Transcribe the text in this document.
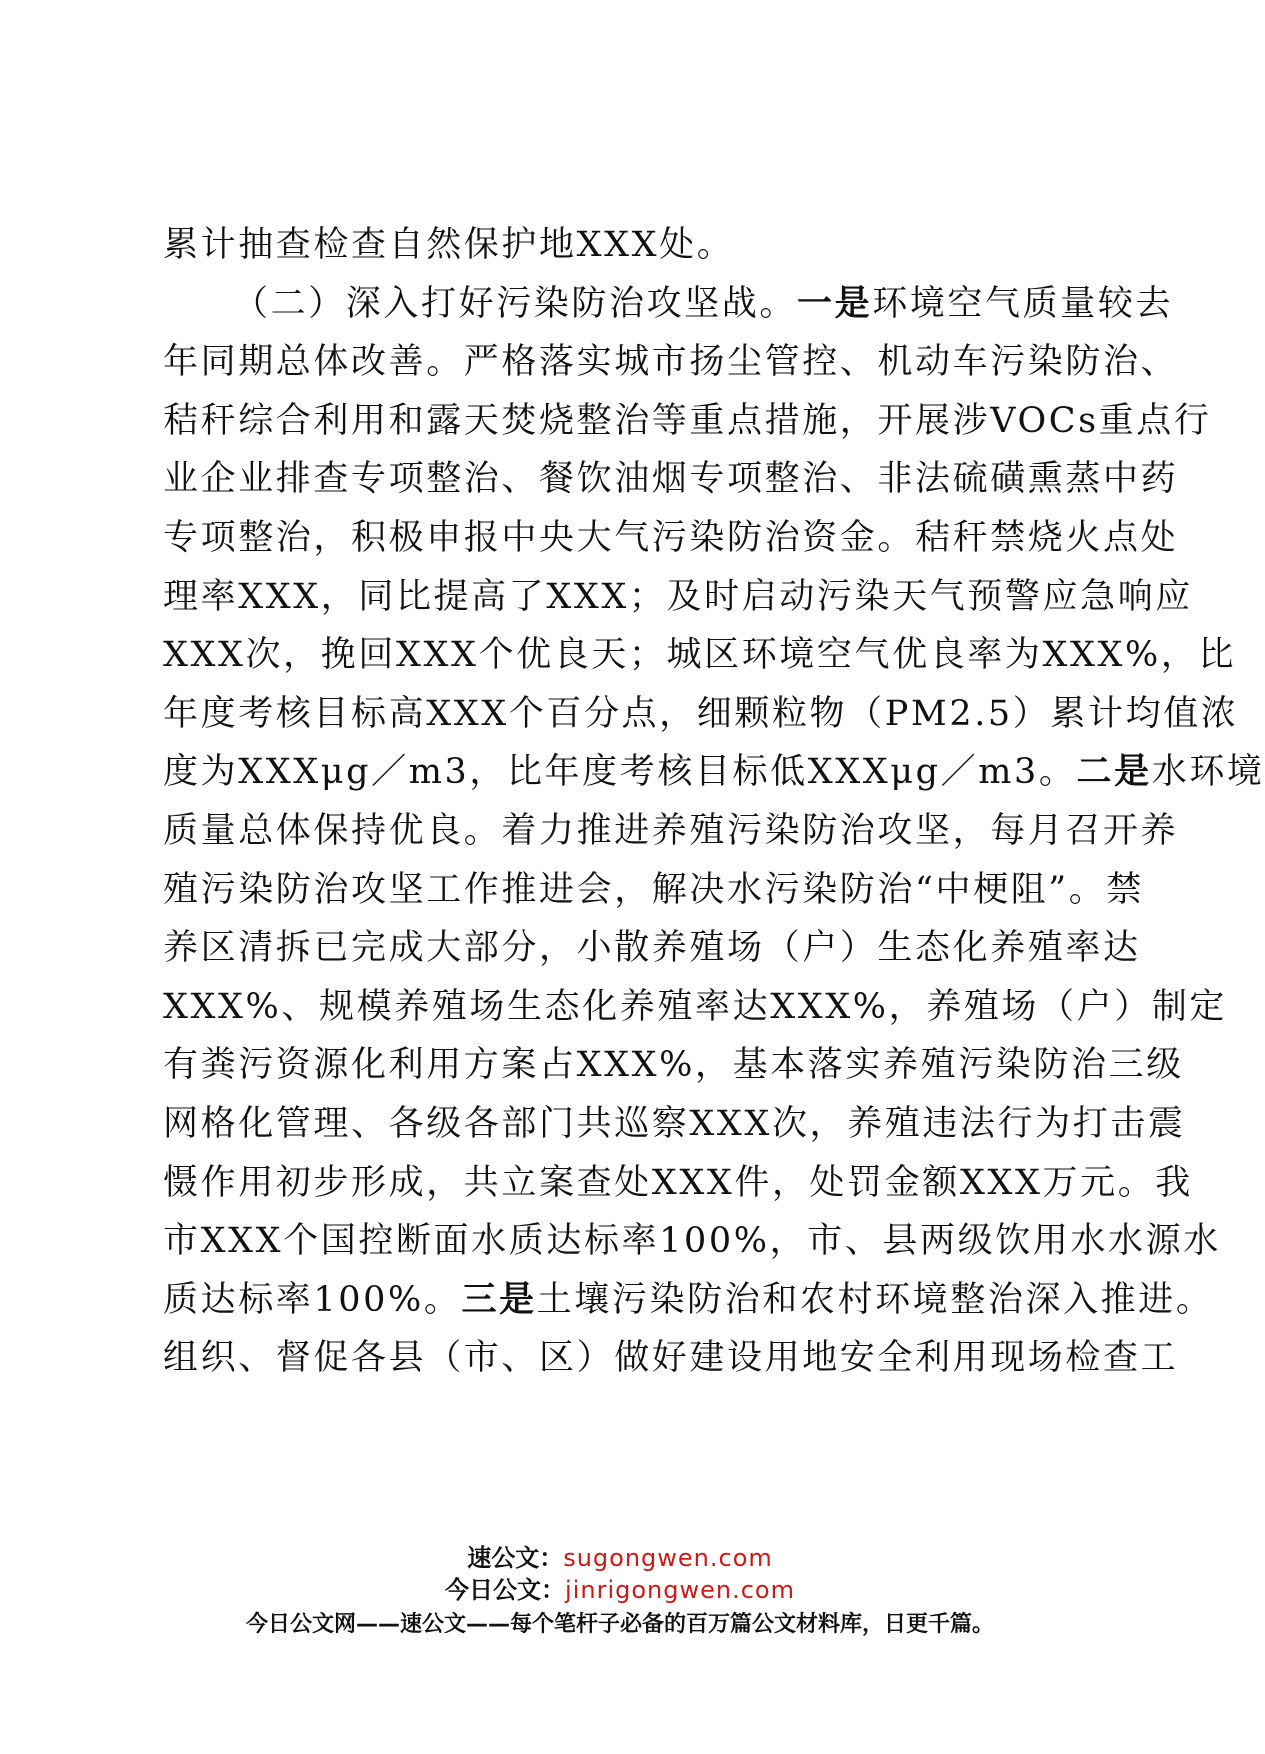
累计抽查检查自然保护地XXX处。
（二）深入打好污染防治攻坚战。一是环境空气质量较去
年同期总体改善。严格落实城市扬尘管控、机动车污染防治、
秸秆综合利用和露天焚烧整治等重点措施，开展涉VOCs重点行
业企业排查专项整治、餐饮油烟专项整治、非法硫磺熏蒸中药
专项整治，积极申报中央大气污染防治资金。秸秆禁烧火点处
理率XXX，同比提高了XXX；及时启动污染天气预警应急响应
XXX次，挽回XXX个优良天；城区环境空气优良率为XXX%，比
年度考核目标高XXX个百分点，细颗粒物（PM2.5）累计均值浓
度为XXXμg／m3，比年度考核目标低XXXμg／m3。二是水环境
质量总体保持优良。着力推进养殖污染防治攻坚，每月召开养
殖污染防治攻坚工作推进会，解决水污染防治“中梗阻”。禁
养区清拆已完成大部分，小散养殖场（户）生态化养殖率达
XXX%、规模养殖场生态化养殖率达XXX%，养殖场（户）制定
有粪污资源化利用方案占XXX%，基本落实养殖污染防治三级
网格化管理、各级各部门共巡察XXX次，养殖违法行为打击震
慑作用初步形成，共立案查处XXX件，处罚金额XXX万元。我
市XXX个国控断面水质达标率100%，市、县两级饮用水水源水
质达标率100%。三是土壤污染防治和农村环境整治深入推进。
组织、督促各县（市、区）做好建设用地安全利用现场检查工
速公文：sugongwen.com
今日公文：jinrigongwen.com
今日公文网——速公文——每个笔杆子必备的百万篇公文材料库，日更千篇。
